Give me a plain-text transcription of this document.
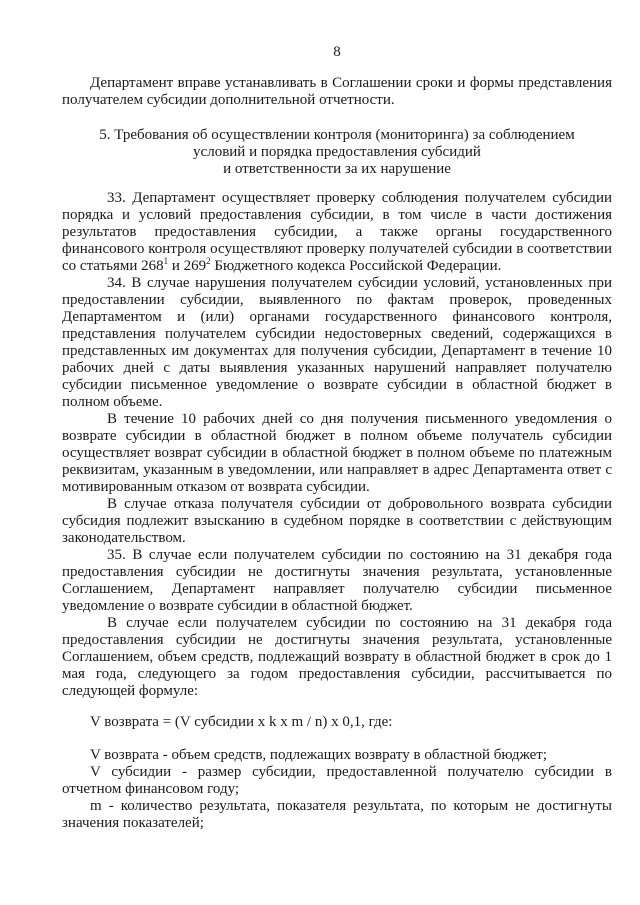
8

Департамент вправе устанавливать в Соглашении сроки и формы представления получателем субсидии дополнительной отчетности.

5. Требования об осуществлении контроля (мониторинга) за соблюдением
условий и порядка предоставления субсидий
и ответственности за их нарушение

33. Департамент осуществляет проверку соблюдения получателем субсидии порядка и условий предоставления субсидии, в том числе в части достижения результатов предоставления субсидии, а также органы государственного финансового контроля осуществляют проверку получателей субсидии в соответствии со статьями $268^1$ и $269^2$ Бюджетного кодекса Российской Федерации.

34. В случае нарушения получателем субсидии условий, установленных при предоставлении субсидии, выявленного по фактам проверок, проведенных Департаментом и (или) органами государственного финансового контроля, представления получателем субсидии недостоверных сведений, содержащихся в представленных им документах для получения субсидии, Департамент в течение 10 рабочих дней с даты выявления указанных нарушений направляет получателю субсидии письменное уведомление о возврате субсидии в областной бюджет в полном объеме.

В течение 10 рабочих дней со дня получения письменного уведомления о возврате субсидии в областной бюджет в полном объеме получатель субсидии осуществляет возврат субсидии в областной бюджет в полном объеме по платежным реквизитам, указанным в уведомлении, или направляет в адрес Департамента ответ с мотивированным отказом от возврата субсидии.

В случае отказа получателя субсидии от добровольного возврата субсидии субсидия подлежит взысканию в судебном порядке в соответствии с действующим законодательством.

35. В случае если получателем субсидии по состоянию на 31 декабря года предоставления субсидии не достигнуты значения результата, установленные Соглашением, Департамент направляет получателю субсидии письменное уведомление о возврате субсидии в областной бюджет.

В случае если получателем субсидии по состоянию на 31 декабря года предоставления субсидии не достигнуты значения результата, установленные Соглашением, объем средств, подлежащий возврату в областной бюджет в срок до 1 мая года, следующего за годом предоставления субсидии, рассчитывается по следующей формуле:

V возврата = (V субсидии x k x m / n) x 0,1, где:

V возврата - объем средств, подлежащих возврату в областной бюджет;

V субсидии - размер субсидии, предоставленной получателю субсидии в отчетном финансовом году;

m - количество результата, показателя результата, по которым не достигнуты значения показателей;
